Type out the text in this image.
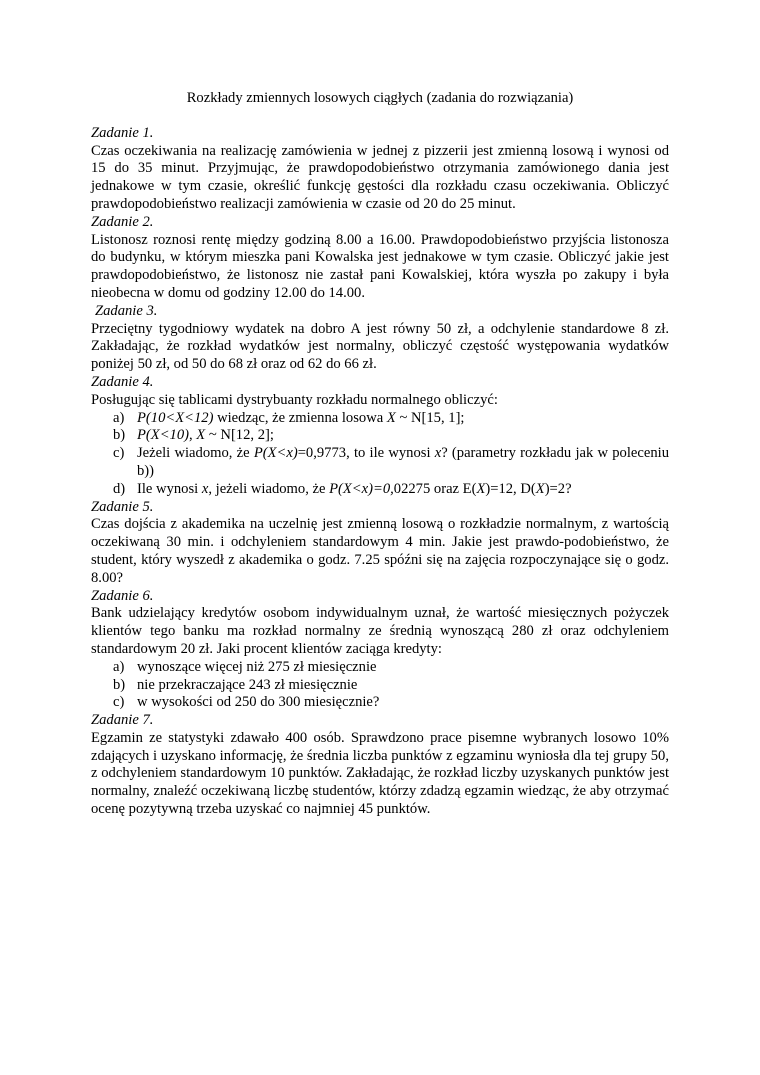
Rozkłady zmiennych losowych ciągłych (zadania do rozwiązania)
Zadanie 1.
Czas oczekiwania na realizację zamówienia w jednej z pizzerii jest zmienną losową i wynosi od 15 do 35 minut. Przyjmując, że prawdopodobieństwo otrzymania zamówionego dania jest jednakowe w tym czasie, określić funkcję gęstości dla rozkładu czasu oczekiwania. Obliczyć prawdopodobieństwo realizacji zamówienia w czasie od 20 do 25 minut.
Zadanie 2.
Listonosz roznosi rentę między godziną 8.00 a 16.00. Prawdopodobieństwo przyjścia listonosza do budynku, w którym mieszka pani Kowalska jest jednakowe w tym czasie. Obliczyć jakie jest prawdopodobieństwo, że listonosz nie zastał pani Kowalskiej, która wyszła po zakupy i była nieobecna w domu od godziny 12.00 do 14.00.
Zadanie 3.
Przeciętny tygodniowy wydatek na dobro A jest równy 50 zł, a odchylenie standardowe 8 zł. Zakładając, że rozkład wydatków jest normalny, obliczyć częstość występowania wydatków poniżej 50 zł, od 50 do 68 zł oraz od 62 do 66 zł.
Zadanie 4.
Posługując się tablicami dystrybuanty rozkładu normalnego obliczyć:
a) P(10<X<12) wiedząc, że zmienna losowa X ~ N[15, 1];
b) P(X<10), X ~ N[12, 2];
c) Jeżeli wiadomo, że P(X<x)=0,9773, to ile wynosi x? (parametry rozkładu jak w poleceniu b))
d) Ile wynosi x, jeżeli wiadomo, że P(X<x)=0,02275 oraz E(X)=12, D(X)=2?
Zadanie 5.
Czas dojścia z akademika na uczelnię jest zmienną losową o rozkładzie normalnym, z wartością oczekiwaną 30 min. i odchyleniem standardowym 4 min. Jakie jest prawdo-podobieństwo, że student, który wyszedł z akademika o godz. 7.25 spóźni się na zajęcia rozpoczynające się o godz. 8.00?
Zadanie 6.
Bank udzielający kredytów osobom indywidualnym uznał, że wartość miesięcznych pożyczek klientów tego banku ma rozkład normalny ze średnią wynoszącą 280 zł oraz odchyleniem standardowym 20 zł. Jaki procent klientów zaciąga kredyty:
a) wynoszące więcej niż 275 zł miesięcznie
b) nie przekraczające 243 zł miesięcznie
c) w wysokości od 250 do 300 miesięcznie?
Zadanie 7.
Egzamin ze statystyki zdawało 400 osób. Sprawdzono prace pisemne wybranych losowo 10% zdających i uzyskano informację, że średnia liczba punktów z egzaminu wyniosła dla tej grupy 50, z odchyleniem standardowym 10 punktów. Zakładając, że rozkład liczby uzyskanych punktów jest normalny, znaleźć oczekiwaną liczbę studentów, którzy zdadzą egzamin wiedząc, że aby otrzymać ocenę pozytywną trzeba uzyskać co najmniej 45 punktów.
